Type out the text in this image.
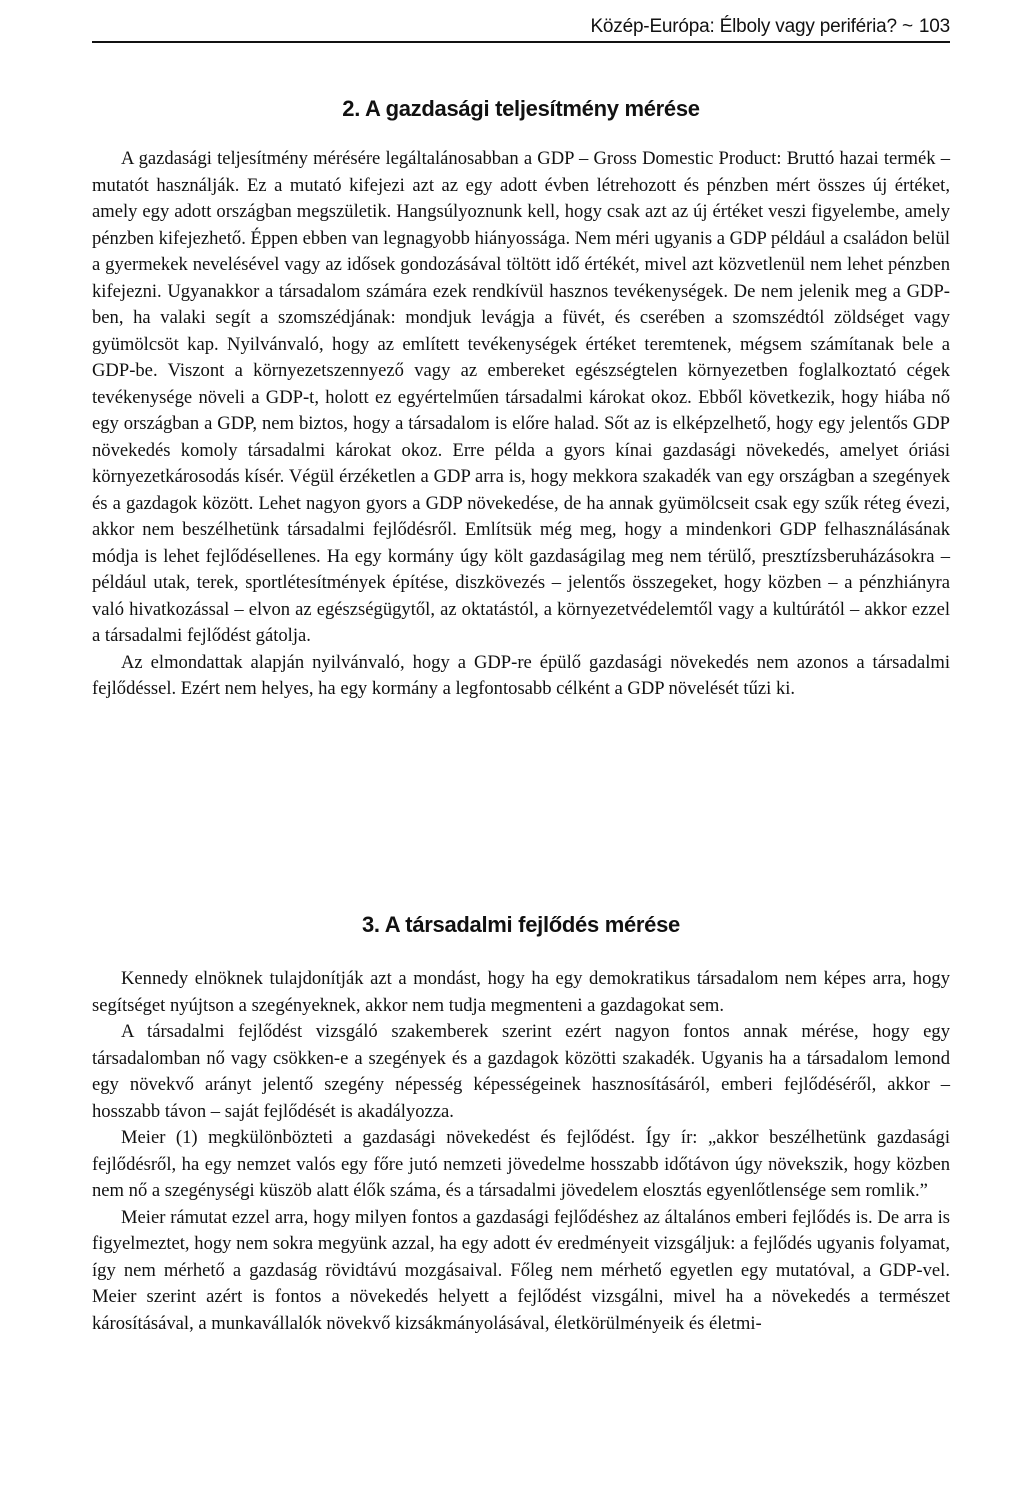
Közép-Európa: Élboly vagy periféria? ~ 103
2. A gazdasági teljesítmény mérése

A gazdasági teljesítmény mérésére legáltalánosabban a GDP – Gross Domestic Product: Bruttó hazai termék – mutatót használják. Ez a mutató kifejezi azt az egy adott évben létrehozott és pénzben mért összes új értéket, amely egy adott országban megszületik. Hangsúlyoznunk kell, hogy csak azt az új értéket veszi figyelembe, amely pénzben kifejezhető. Éppen ebben van legnagyobb hiányossága. Nem méri ugyanis a GDP például a családon belül a gyermekek nevelésével vagy az idősek gondozásával töltött idő értékét, mivel azt közvetlenül nem lehet pénzben kifejezni. Ugyanakkor a társadalom számára ezek rendkívül hasznos tevékenységek. De nem jelenik meg a GDP-ben, ha valaki segít a szomszédjának: mondjuk levágja a füvét, és cserében a szomszédtól zöldséget vagy gyümölcsöt kap. Nyilvánvaló, hogy az említett tevékenységek értéket teremtenek, mégsem számítanak bele a GDP-be. Viszont a környezetszennyező vagy az embereket egészségtelen környezetben foglalkoztató cégek tevékenysége növeli a GDP-t, holott ez egyértelműen társadalmi károkat okoz. Ebből következik, hogy hiába nő egy országban a GDP, nem biztos, hogy a társadalom is előre halad. Sőt az is elképzelhető, hogy egy jelentős GDP növekedés komoly társadalmi károkat okoz. Erre példa a gyors kínai gazdasági növekedés, amelyet óriási környezetkárosodás kísér. Végül érzéketlen a GDP arra is, hogy mekkora szakadék van egy országban a szegények és a gazdagok között. Lehet nagyon gyors a GDP növekedése, de ha annak gyümölcseit csak egy szűk réteg évezi, akkor nem beszélhetünk társadalmi fejlődésről. Említsük még meg, hogy a mindenkori GDP felhasználásának módja is lehet fejlődésellenes. Ha egy kormány úgy költ gazdaságilag meg nem térülő, presztízsberuházásokra – például utak, terek, sportlétesítmények építése, diszkövezés – jelentős összegeket, hogy közben – a pénzhiányra való hivatkozással – elvon az egészségügytől, az oktatástól, a környezetvédelemtől vagy a kultúrától – akkor ezzel a társadalmi fejlődést gátolja.

Az elmondattak alapján nyilvánvaló, hogy a GDP-re épülő gazdasági növekedés nem azonos a társadalmi fejlődéssel. Ezért nem helyes, ha egy kormány a legfontosabb célként a GDP növelését tűzi ki.

3. A társadalmi fejlődés mérése

Kennedy elnöknek tulajdonítják azt a mondást, hogy ha egy demokratikus társadalom nem képes arra, hogy segítséget nyújtson a szegényeknek, akkor nem tudja megmenteni a gazdagokat sem.

A társadalmi fejlődést vizsgáló szakemberek szerint ezért nagyon fontos annak mérése, hogy egy társadalomban nő vagy csökken-e a szegények és a gazdagok közötti szakadék. Ugyanis ha a társadalom lemond egy növekvő arányt jelentő szegény népesség képességeinek hasznosításáról, emberi fejlődéséről, akkor – hosszabb távon – saját fejlődését is akadályozza.

Meier (1) megkülönbözteti a gazdasági növekedést és fejlődést. Így ír: „akkor beszélhetünk gazdasági fejlődésről, ha egy nemzet valós egy főre jutó nemzeti jövedelme hosszabb időtávon úgy növekszik, hogy közben nem nő a szegénységi küszöb alatt élők száma, és a társadalmi jövedelem elosztás egyenlőtlensége sem romlik.”

Meier rámutat ezzel arra, hogy milyen fontos a gazdasági fejlődéshez az általános emberi fejlődés is. De arra is figyelmeztet, hogy nem sokra megyünk azzal, ha egy adott év eredményeit vizsgáljuk: a fejlődés ugyanis folyamat, így nem mérhető a gazdaság rövidtávú mozgásaival. Főleg nem mérhető egyetlen egy mutatóval, a GDP-vel. Meier szerint azért is fontos a növekedés helyett a fejlődést vizsgálni, mivel ha a növekedés a természet károsításával, a munkavállalók növekvő kizsákmányolásával, életkörülményeik és életmi-
